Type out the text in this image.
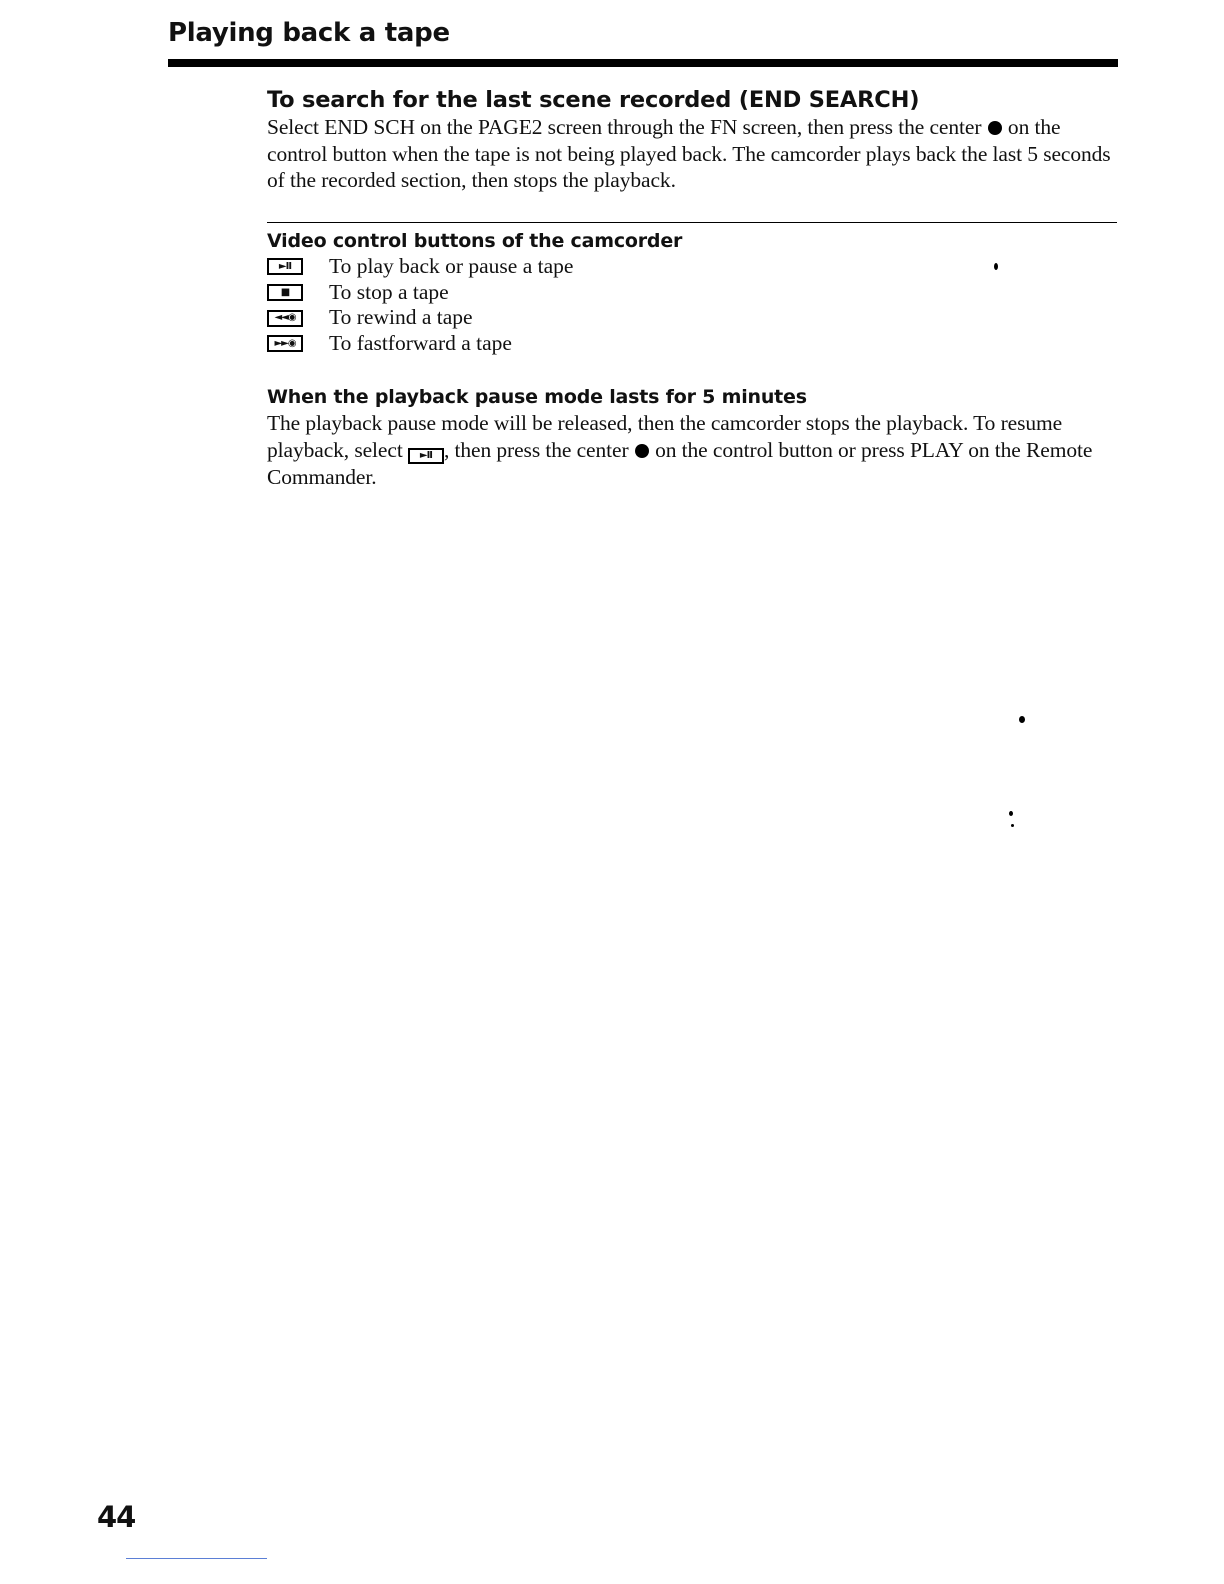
Playing back a tape
To search for the last scene recorded (END SEARCH)

Select END SCH on the PAGE2 screen through the FN screen, then press the center  on the control button when the tape is not being played back. The camcorder plays back the last 5 seconds of the recorded section, then stops the playback.

Video control buttons of the camcorder
►II	To play back or pause a tape
■	To stop a tape
◄◄◉	To rewind a tape
►►◉	To fastforward a tape
When the playback pause mode lasts for 5 minutes

The playback pause mode will be released, then the camcorder stops the playback. To resume playback, select ►II , then press the center  on the control button or press PLAY on the Remote Commander.

44
